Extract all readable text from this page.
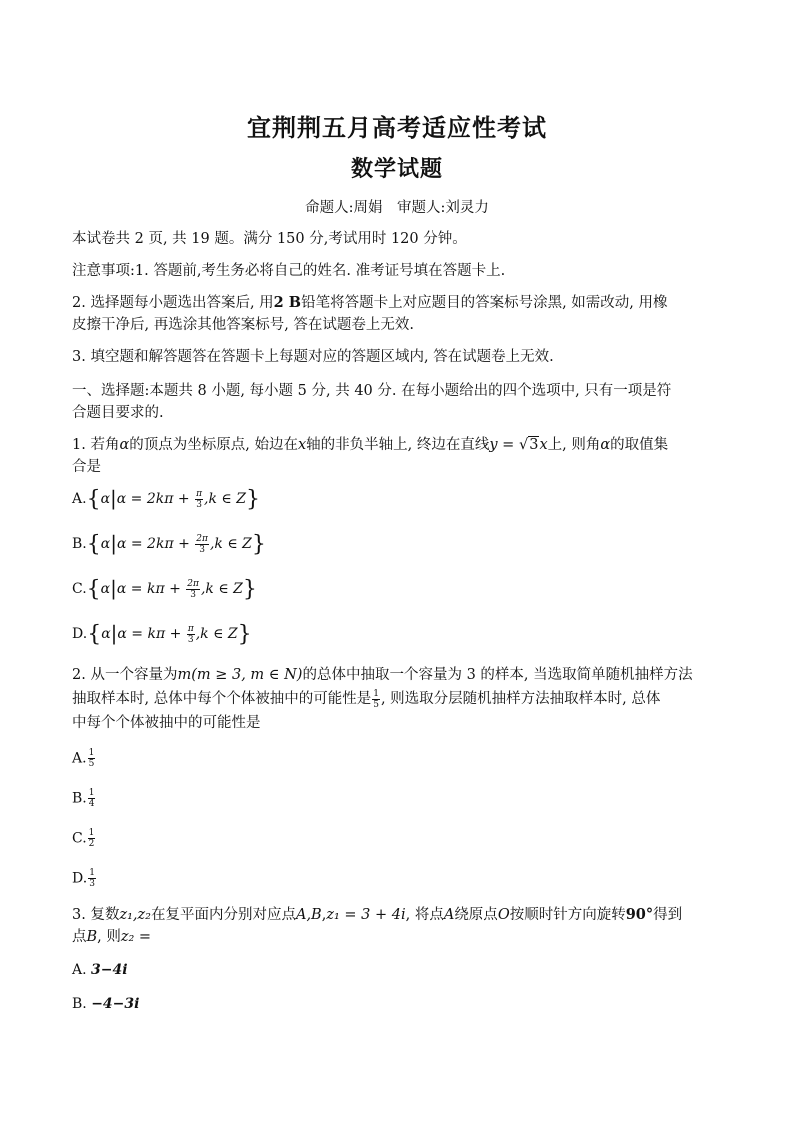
宜荆荆五月高考适应性考试
数学试题
命题人:周娟　审题人:刘灵力
本试卷共 2 页, 共 19 题。满分 150 分,考试用时 120 分钟。
注意事项:1. 答题前,考生务必将自己的姓名. 准考证号填在答题卡上.
2. 选择题每小题选出答案后, 用2 B铅笔将答题卡上对应题目的答案标号涂黑, 如需改动, 用橡
皮擦干净后, 再选涂其他答案标号, 答在试题卷上无效.
3. 填空题和解答题答在答题卡上每题对应的答题区域内, 答在试题卷上无效.
一、选择题:本题共 8 小题, 每小题 5 分, 共 40 分. 在每小题给出的四个选项中, 只有一项是符
合题目要求的.
1. 若角α的顶点为坐标原点, 始边在x轴的非负半轴上, 终边在直线y = √3x上, 则角α的取值集
合是
$A.\{\alpha|\alpha = 2k\pi + \frac{\pi}{3} ,k$ ∈ Z}
$B.\{\alpha|\alpha = 2k\pi + \frac{2\pi}{3} ,k$ ∈ Z}
$C.\{\alpha|\alpha = k\pi + \frac{2\pi}{3} ,k$ ∈ Z}
$D.\{\alpha|\alpha = k\pi + \frac{\pi}{3} ,k$ ∈ Z}
2. 从一个容量为m(m ≥ 3, m ∈ N)的总体中抽取一个容量为 3 的样本, 当选取简单随机抽样方法
抽取样本时, 总体中每个个体被抽中的可能性是 $\frac{1}{5}$ , 则选取分层随机抽样方法抽取样本时, 总体
中每个个体被抽中的可能性是
A. $\frac{1}{5}$
B. $\frac{1}{4}$
C. $\frac{1}{2}$
D. $\frac{1}{3}$
3. 复数z₁,z₂在复平面内分别对应点A,B,z₁ = 3 + 4i, 将点A绕原点O按顺时针方向旋转90°得到
点B, 则z₂ =
A. 3−4i
B. −4−3i
